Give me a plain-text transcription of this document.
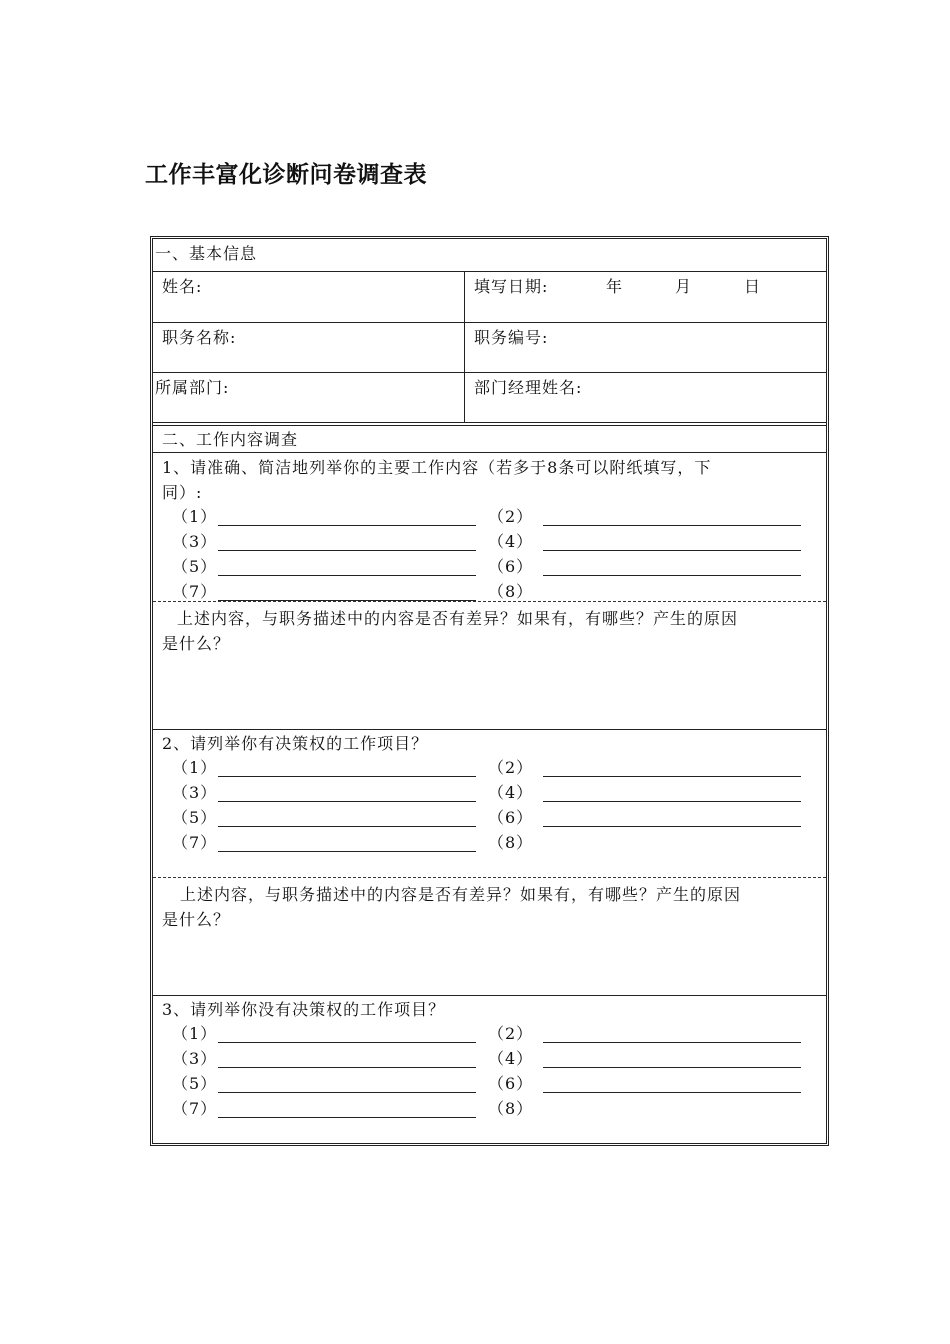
工作丰富化诊断问卷调查表
一、基本信息
姓名:	填写日期:	年	月	日
职务名称:	职务编号:
所属部门:	部门经理姓名:
二、工作内容调查
1、请准确、简洁地列举你的主要工作内容（若多于8条可以附纸填写，下
同）:
（1）	（2）
（3）	（4）
（5）	（6）
（7）	（8）
上述内容，与职务描述中的内容是否有差异？如果有，有哪些？产生的原因
是什么？
2、请列举你有决策权的工作项目？
（1）	（2）
（3）	（4）
（5）	（6）
（7）	（8）
上述内容，与职务描述中的内容是否有差异？如果有，有哪些？产生的原因
是什么？
3、请列举你没有决策权的工作项目？
（1）	（2）
（3）	（4）
（5）	（6）
（7）	（8）
